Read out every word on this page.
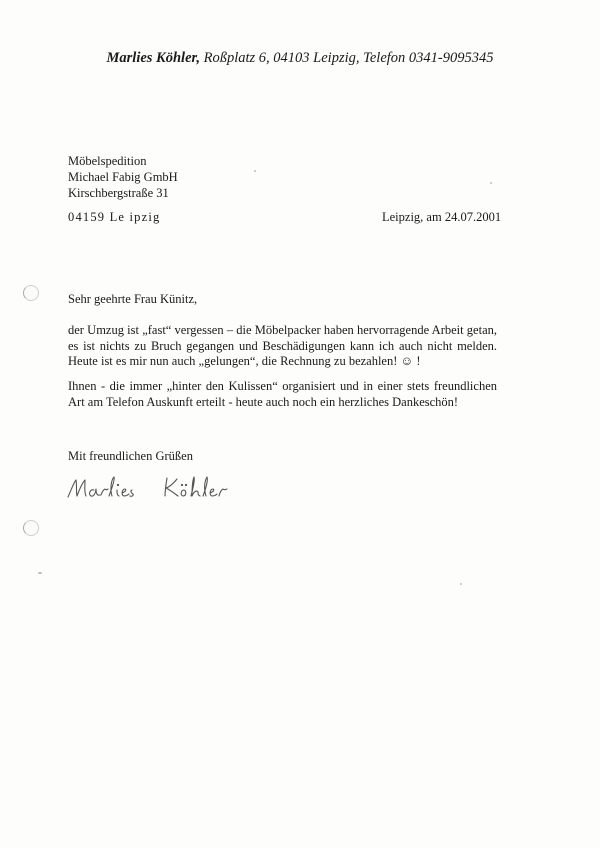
Marlies Köhler, Roßplatz 6, 04103 Leipzig, Telefon 0341-9095345
Möbelspedition
Michael Fabig GmbH
Kirschbergstraße 31
04159 Le ipzig	Leipzig, am 24.07.2001
Sehr geehrte Frau Künitz,
der Umzug ist „fast“ vergessen – die Möbelpacker haben hervorragende Arbeit getan, es ist nichts zu Bruch gegangen und Beschädigungen kann ich auch nicht melden. Heute ist es mir nun auch „gelungen“, die Rechnung zu bezahlen! ☺ !
Ihnen - die immer „hinter den Kulissen“ organisiert und in einer stets freundlichen Art am Telefon Auskunft erteilt - heute auch noch ein herzliches Dankeschön!
Mit freundlichen Grüßen
